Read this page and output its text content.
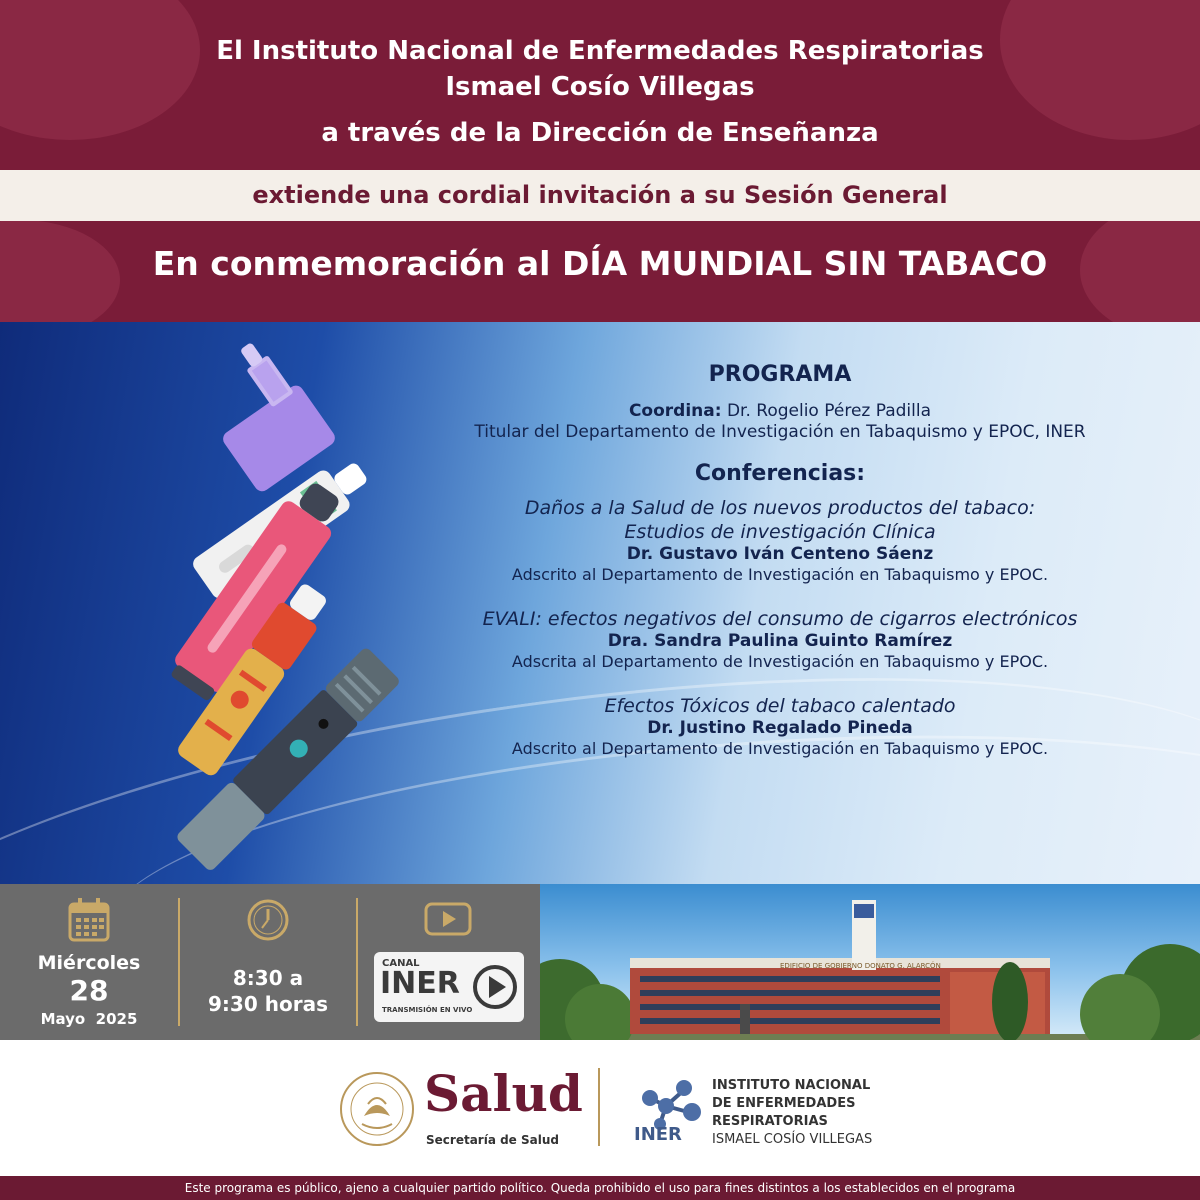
El Instituto Nacional de Enfermedades Respiratorias
Ismael Cosío Villegas
a través de la Dirección de Enseñanza
extiende una cordial invitación a su Sesión General
En conmemoración al DÍA MUNDIAL SIN TABACO
PROGRAMA
Coordina: Dr. Rogelio Pérez Padilla
Titular del Departamento de Investigación en Tabaquismo y EPOC, INER
Conferencias:
Daños a la Salud de los nuevos productos del tabaco:
Estudios de investigación Clínica
Dr. Gustavo Iván Centeno Sáenz
Adscrito al Departamento de Investigación en Tabaquismo y EPOC.
EVALI: efectos negativos del consumo de cigarros electrónicos
Dra. Sandra Paulina Guinto Ramírez
Adscrita al Departamento de Investigación en Tabaquismo y EPOC.
Efectos Tóxicos del tabaco calentado
Dr. Justino Regalado Pineda
Adscrito al Departamento de Investigación en Tabaquismo y EPOC.
Miércoles
28
Mayo  2025
8:30 a
9:30 horas
CANAL
INER
TRANSMISIÓN EN VIVO
EDIFICIO DE GOBIERNO DONATO G. ALARCÓN
Salud
Secretaría de Salud	INER
INSTITUTO NACIONAL
DE ENFERMEDADES
RESPIRATORIAS
ISMAEL COSÍO VILLEGAS
Este programa es público, ajeno a cualquier partido político. Queda prohibido el uso para fines distintos a los establecidos en el programa
